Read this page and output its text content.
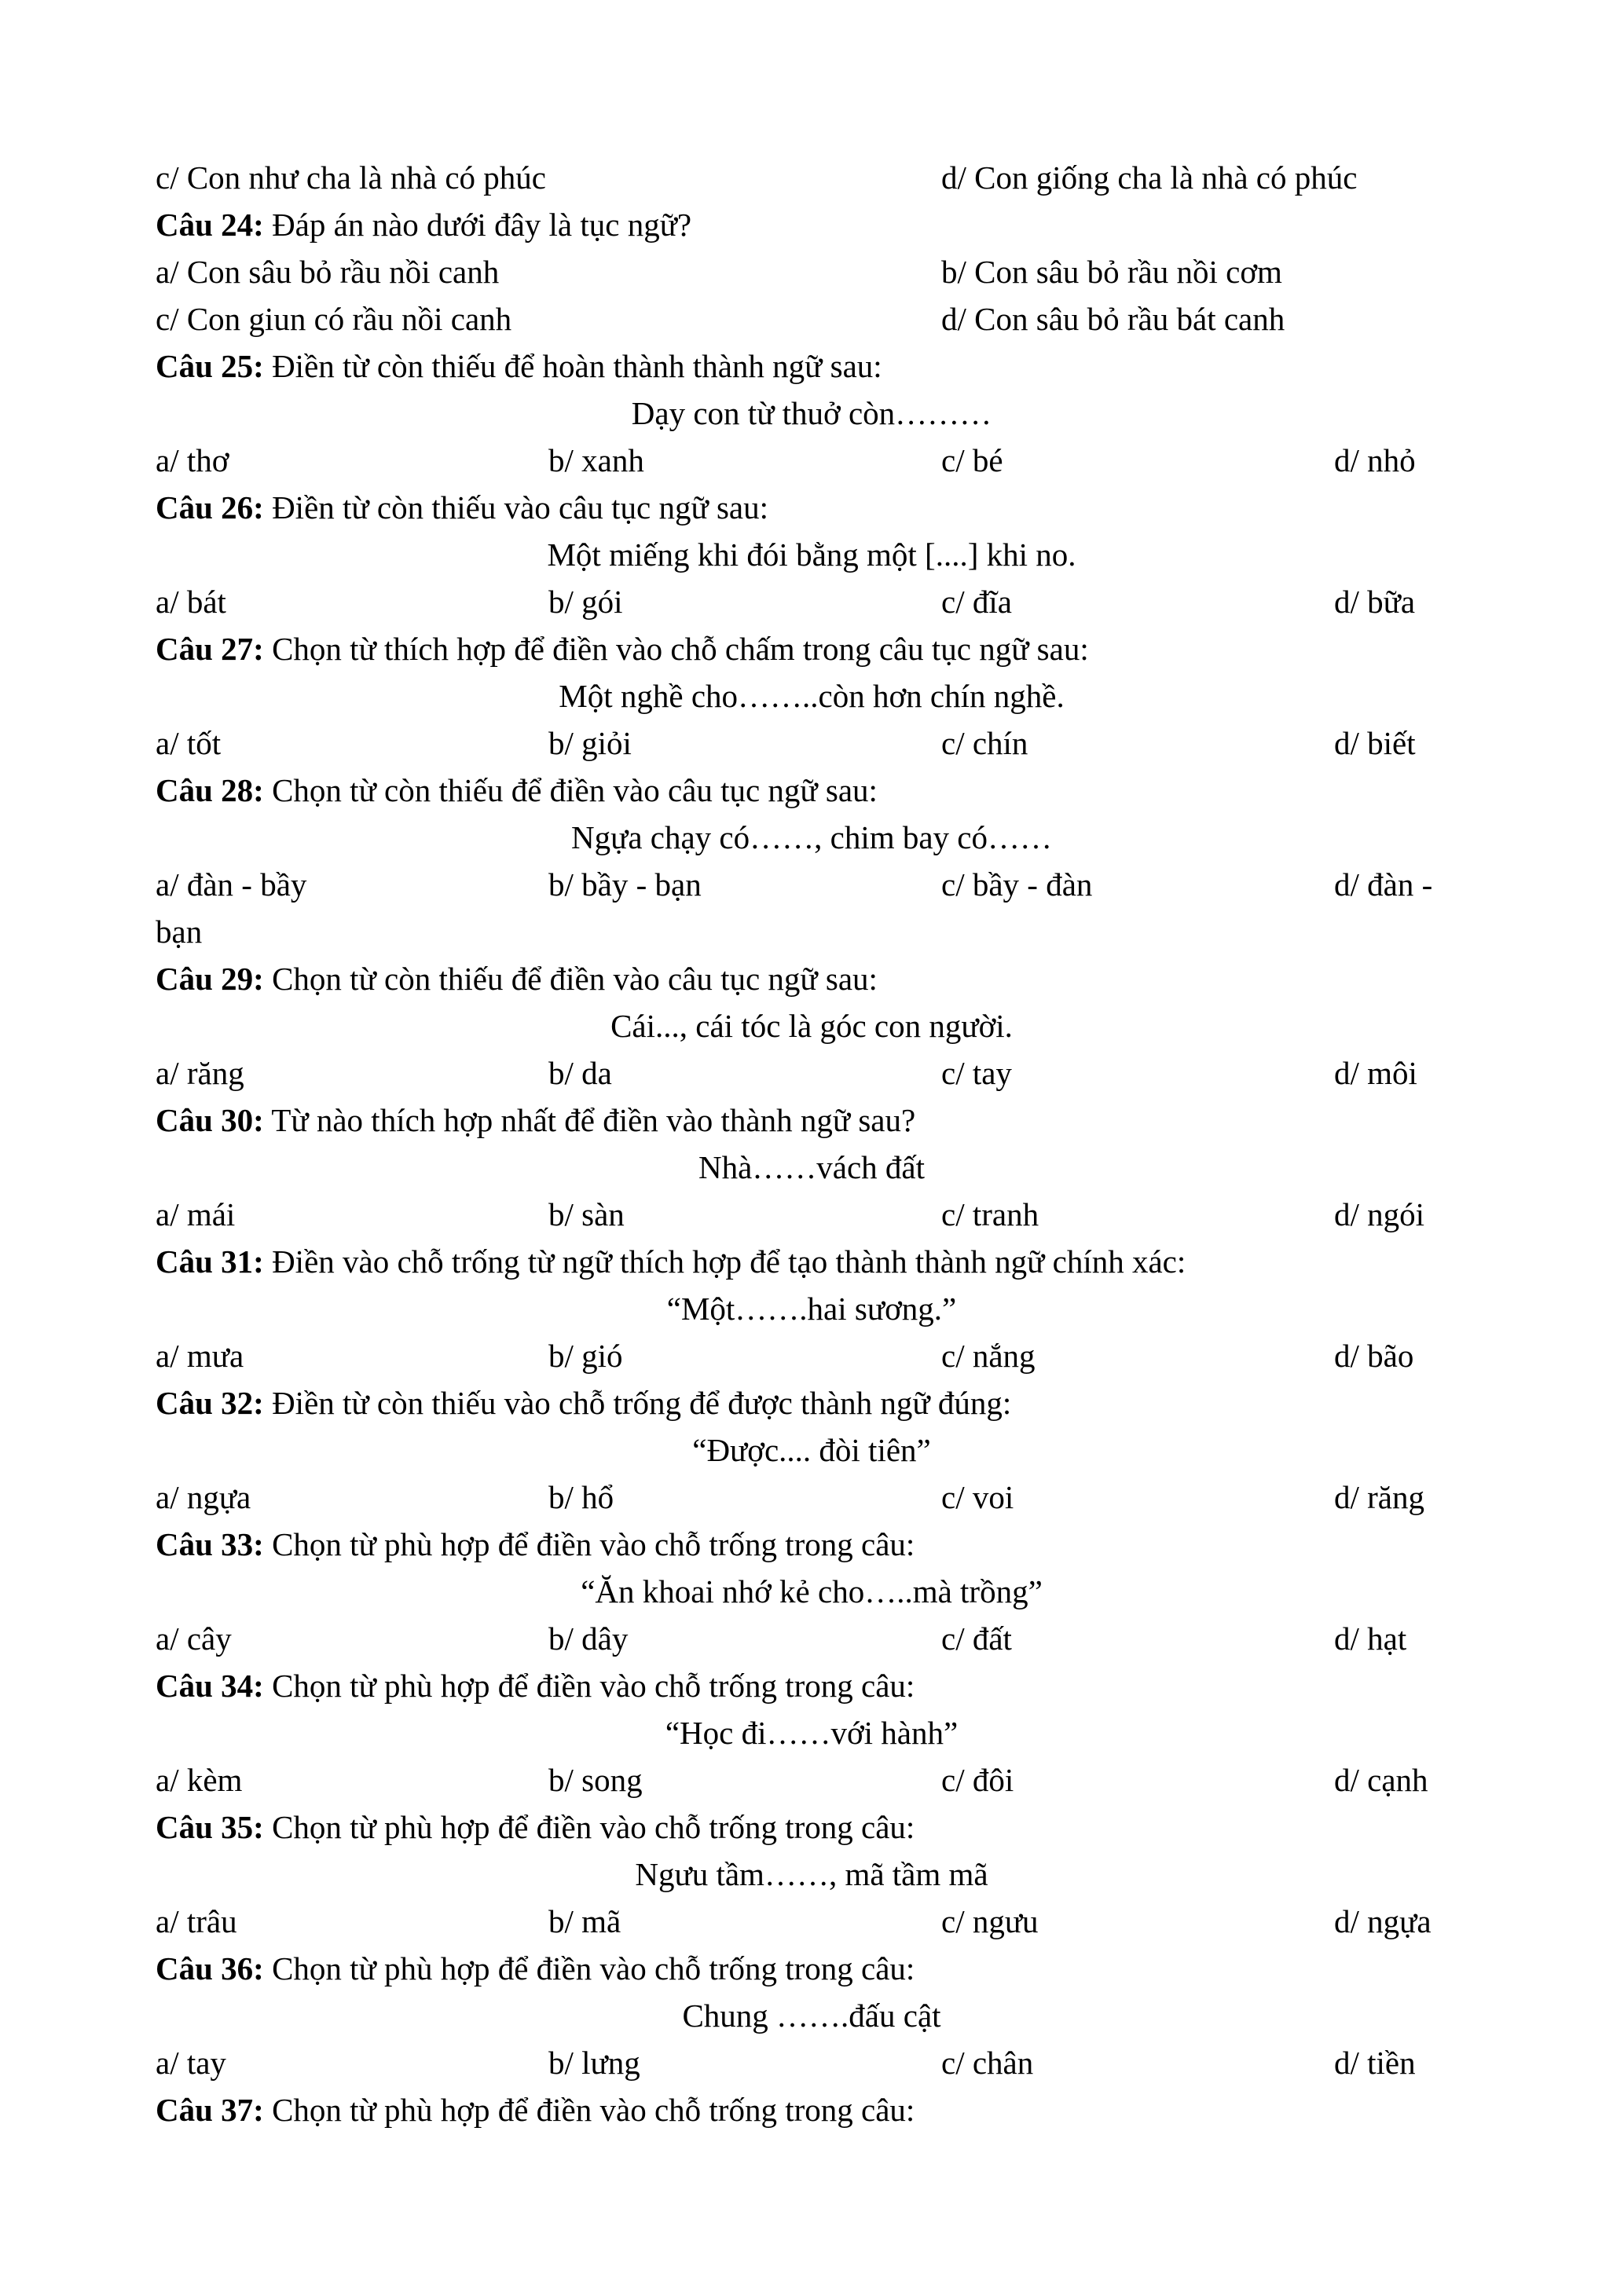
c/ Con như cha là nhà có phúc	d/ Con giống cha là nhà có phúc
Câu 24: Đáp án nào dưới đây là tục ngữ?
a/ Con sâu bỏ rầu nồi canh	b/ Con sâu bỏ rầu nồi cơm
c/ Con giun có rầu nồi canh	d/ Con sâu bỏ rầu bát canh
Câu 25: Điền từ còn thiếu để hoàn thành thành ngữ sau:
Dạy con từ thuở còn………
a/ thơ	b/ xanh	c/ bé	d/ nhỏ
Câu 26: Điền từ còn thiếu vào câu tục ngữ sau:
Một miếng khi đói bằng một [....] khi no.
a/ bát	b/ gói	c/ đĩa	d/ bữa
Câu 27: Chọn từ thích hợp để điền vào chỗ chấm trong câu tục ngữ sau:
Một nghề cho……..còn hơn chín nghề.
a/ tốt	b/ giỏi	c/ chín	d/ biết
Câu 28: Chọn từ còn thiếu để điền vào câu tục ngữ sau:
Ngựa chạy có……, chim bay có……
a/ đàn - bầy	b/ bầy - bạn	c/ bầy - đàn	d/ đàn -
bạn
Câu 29: Chọn từ còn thiếu để điền vào câu tục ngữ sau:
Cái..., cái tóc là góc con người.
a/ răng	b/ da	c/ tay	d/ môi
Câu 30: Từ nào thích hợp nhất để điền vào thành ngữ sau?
Nhà……vách đất
a/ mái	b/ sàn	c/ tranh	d/ ngói
Câu 31: Điền vào chỗ trống từ ngữ thích hợp để tạo thành thành ngữ chính xác:
“Một…….hai sương.”
a/ mưa	b/ gió	c/ nắng	d/ bão
Câu 32: Điền từ còn thiếu vào chỗ trống để được thành ngữ đúng:
“Được.... đòi tiên”
a/ ngựa	b/ hổ	c/ voi	d/ răng
Câu 33: Chọn từ phù hợp để điền vào chỗ trống trong câu:
“Ăn khoai nhớ kẻ cho…..mà trồng”
a/ cây	b/ dây	c/ đất	d/ hạt
Câu 34: Chọn từ phù hợp để điền vào chỗ trống trong câu:
“Học đi……với hành”
a/ kèm	b/ song	c/ đôi	d/ cạnh
Câu 35: Chọn từ phù hợp để điền vào chỗ trống trong câu:
Ngưu tầm……, mã tầm mã
a/ trâu	b/ mã	c/ ngưu	d/ ngựa
Câu 36: Chọn từ phù hợp để điền vào chỗ trống trong câu:
Chung …….đấu cật
a/ tay	b/ lưng	c/ chân	d/ tiền
Câu 37: Chọn từ phù hợp để điền vào chỗ trống trong câu:
